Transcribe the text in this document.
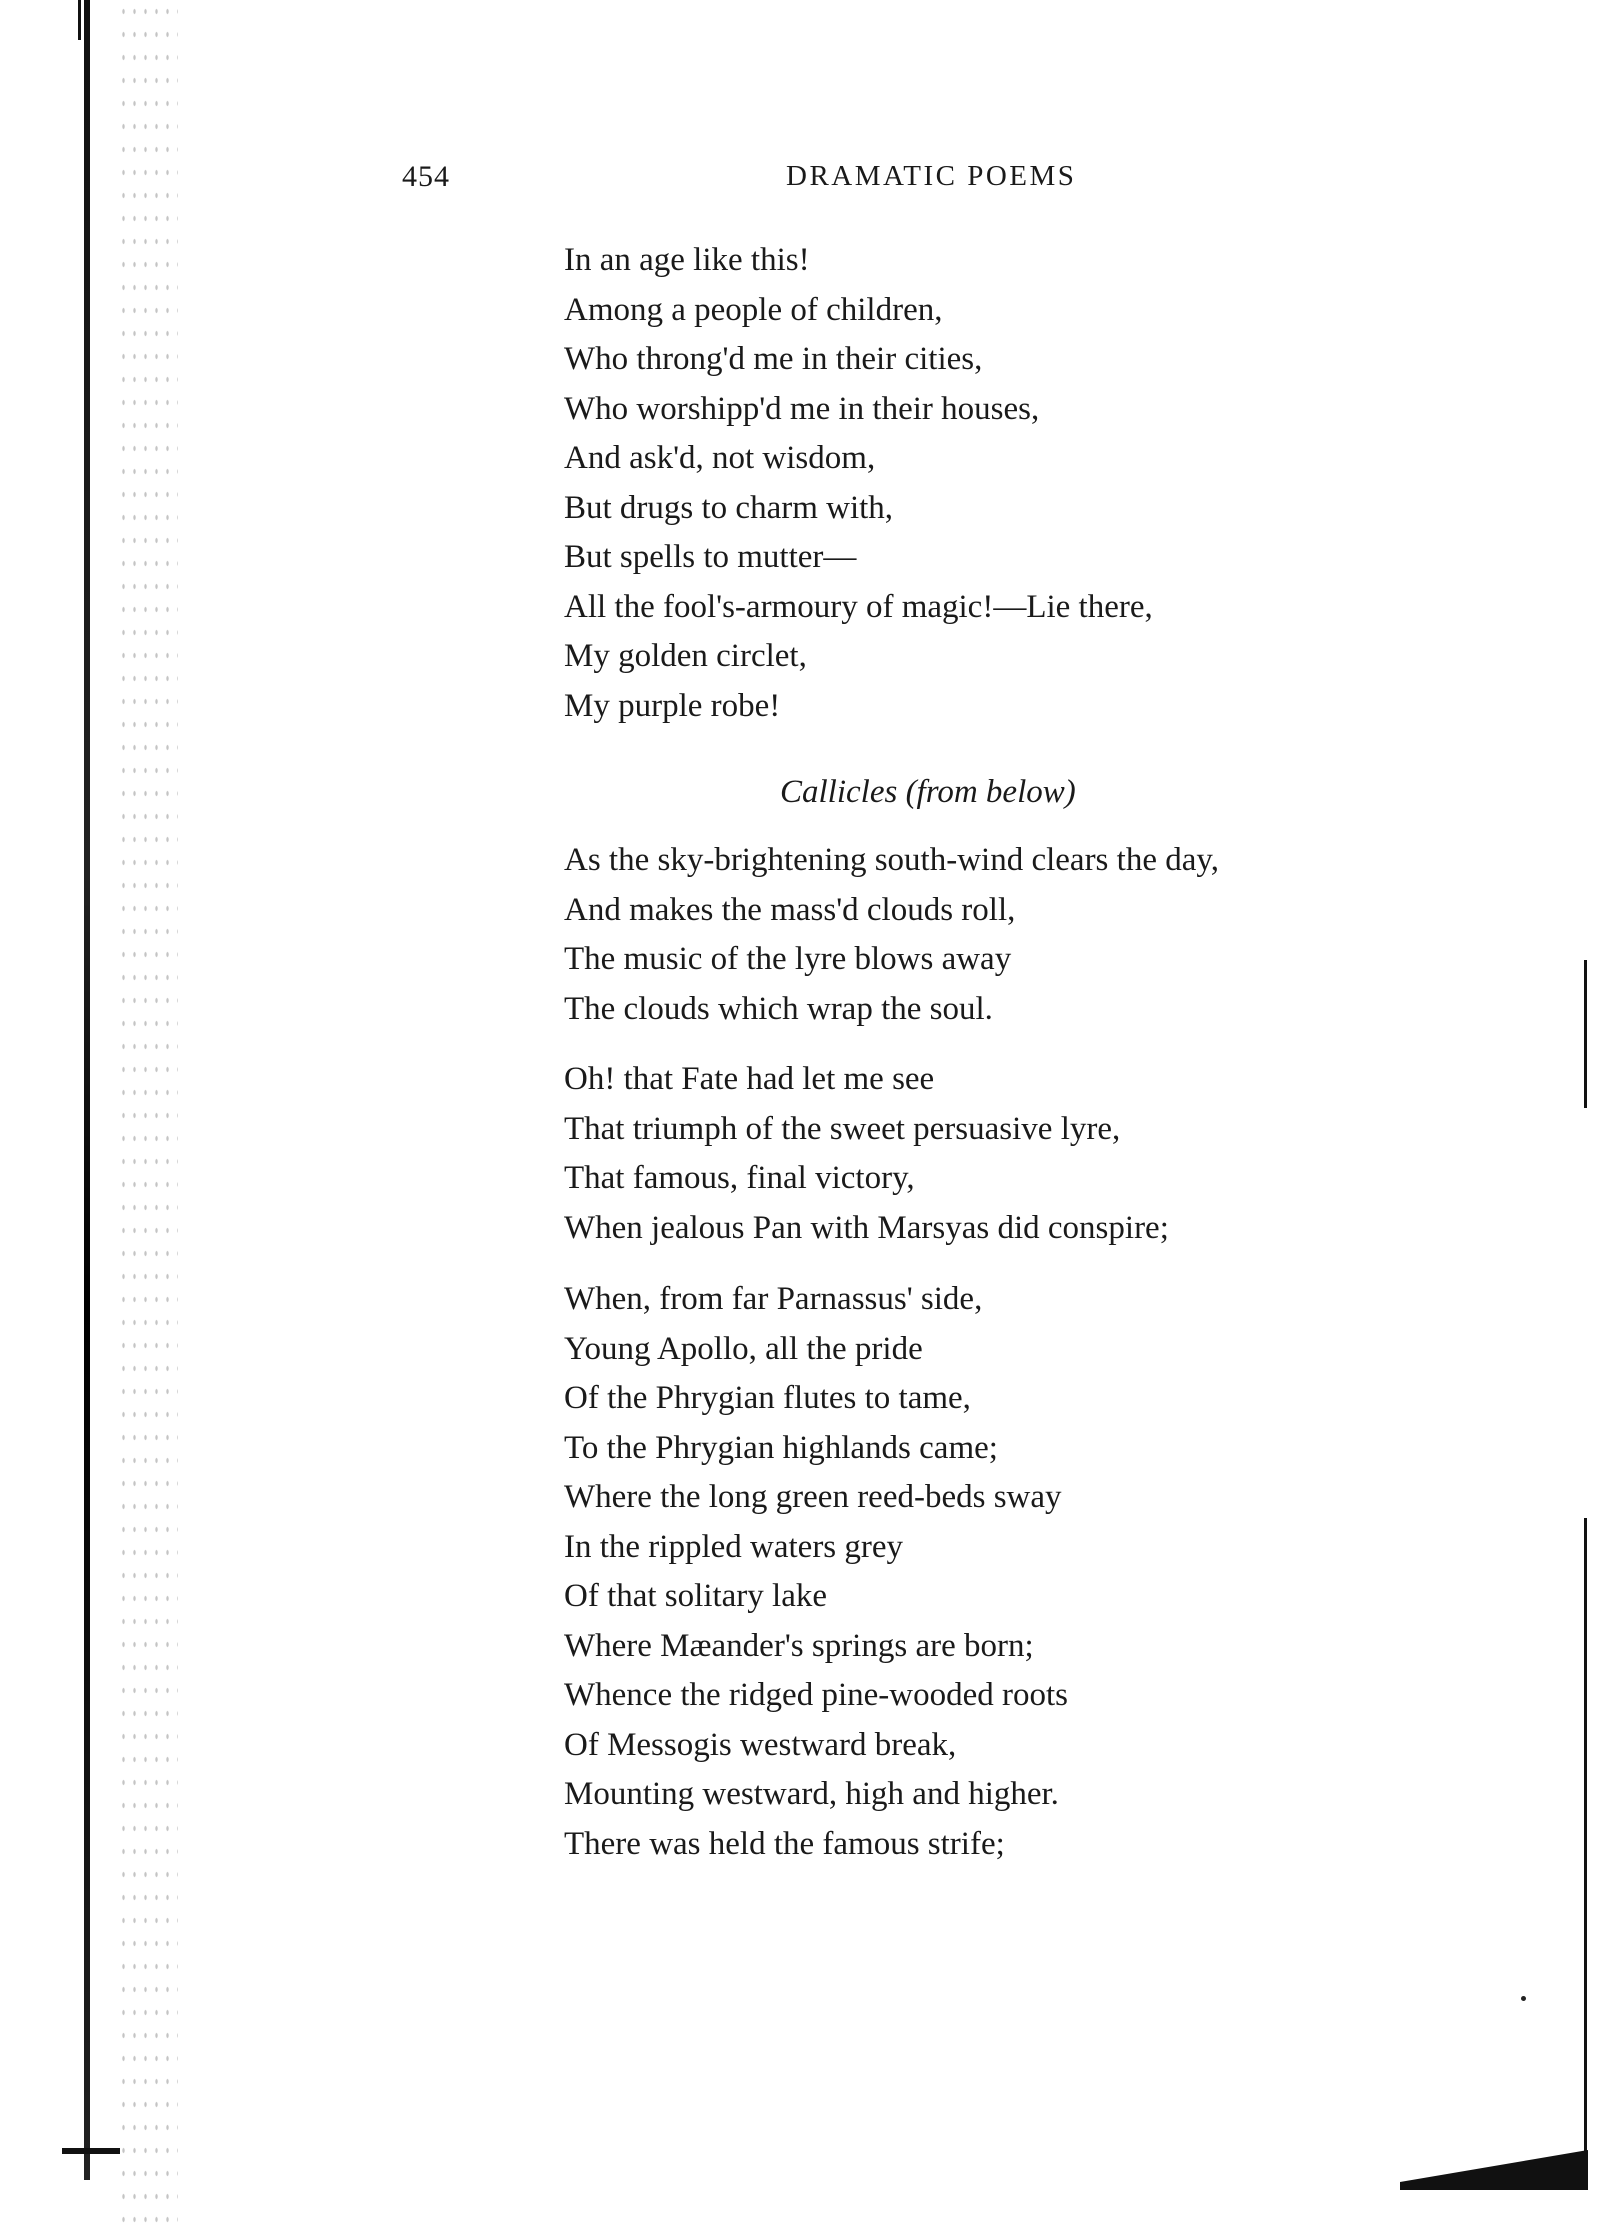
454	DRAMATIC POEMS
In an age like this!
Among a people of children,
Who throng'd me in their cities,
Who worshipp'd me in their houses,
And ask'd, not wisdom,
But drugs to charm with,
But spells to mutter—
All the fool's-armoury of magic!—Lie there,
My golden circlet,
My purple robe!
Callicles (from below)
As the sky-brightening south-wind clears the day,
And makes the mass'd clouds roll,
The music of the lyre blows away
The clouds which wrap the soul.
Oh! that Fate had let me see
That triumph of the sweet persuasive lyre,
That famous, final victory,
When jealous Pan with Marsyas did conspire;
When, from far Parnassus' side,
Young Apollo, all the pride
Of the Phrygian flutes to tame,
To the Phrygian highlands came;
Where the long green reed-beds sway
In the rippled waters grey
Of that solitary lake
Where Mæander's springs are born;
Whence the ridged pine-wooded roots
Of Messogis westward break,
Mounting westward, high and higher.
There was held the famous strife;
